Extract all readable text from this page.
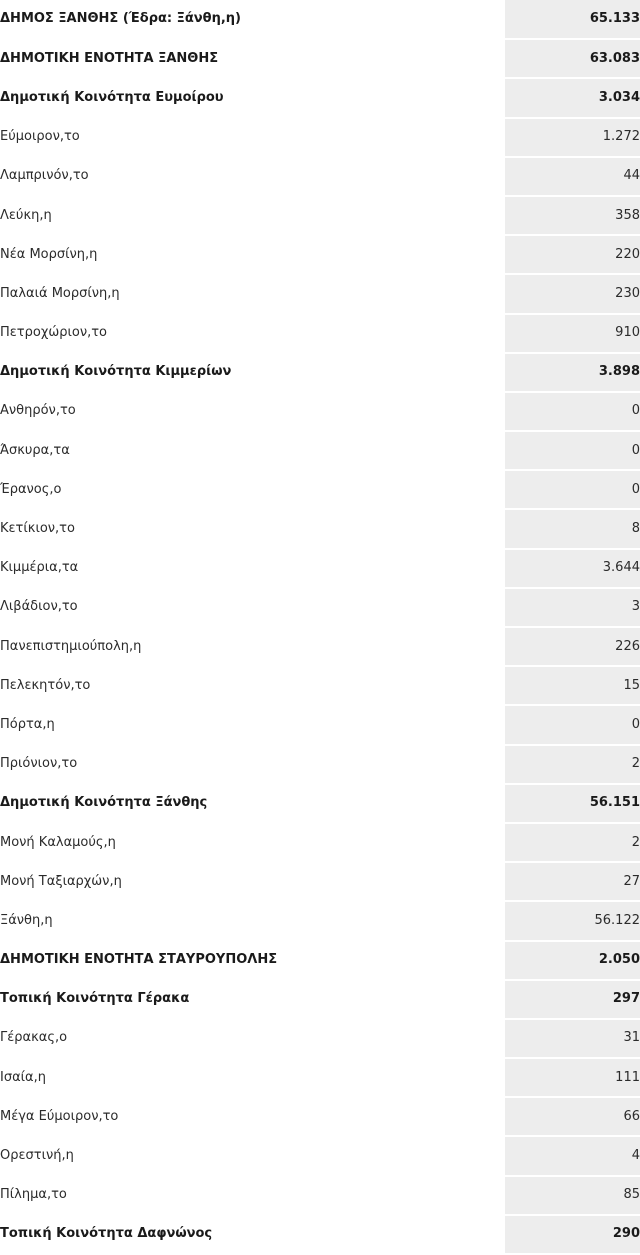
ΔΗΜΟΣ ΞΑΝΘΗΣ (Έδρα: Ξάνθη,η)	65.133
ΔΗΜΟΤΙΚΗ ΕΝΟΤΗΤΑ ΞΑΝΘΗΣ	63.083
Δημοτική Κοινότητα Ευμοίρου	3.034
Εύμοιρον,το	1.272
Λαμπρινόν,το	44
Λεύκη,η	358
Νέα Μορσίνη,η	220
Παλαιά Μορσίνη,η	230
Πετροχώριον,το	910
Δημοτική Κοινότητα Κιμμερίων	3.898
Ανθηρόν,το	0
Άσκυρα,τα	0
Έρανος,ο	0
Κετίκιον,το	8
Κιμμέρια,τα	3.644
Λιβάδιον,το	3
Πανεπιστημιούπολη,η	226
Πελεκητόν,το	15
Πόρτα,η	0
Πριόνιον,το	2
Δημοτική Κοινότητα Ξάνθης	56.151
Μονή Καλαμούς,η	2
Μονή Ταξιαρχών,η	27
Ξάνθη,η	56.122
ΔΗΜΟΤΙΚΗ ΕΝΟΤΗΤΑ ΣΤΑΥΡΟΥΠΟΛΗΣ	2.050
Τοπική Κοινότητα Γέρακα	297
Γέρακας,ο	31
Ισαία,η	111
Μέγα Εύμοιρον,το	66
Ορεστινή,η	4
Πίλημα,το	85
Τοπική Κοινότητα Δαφνώνος	290
